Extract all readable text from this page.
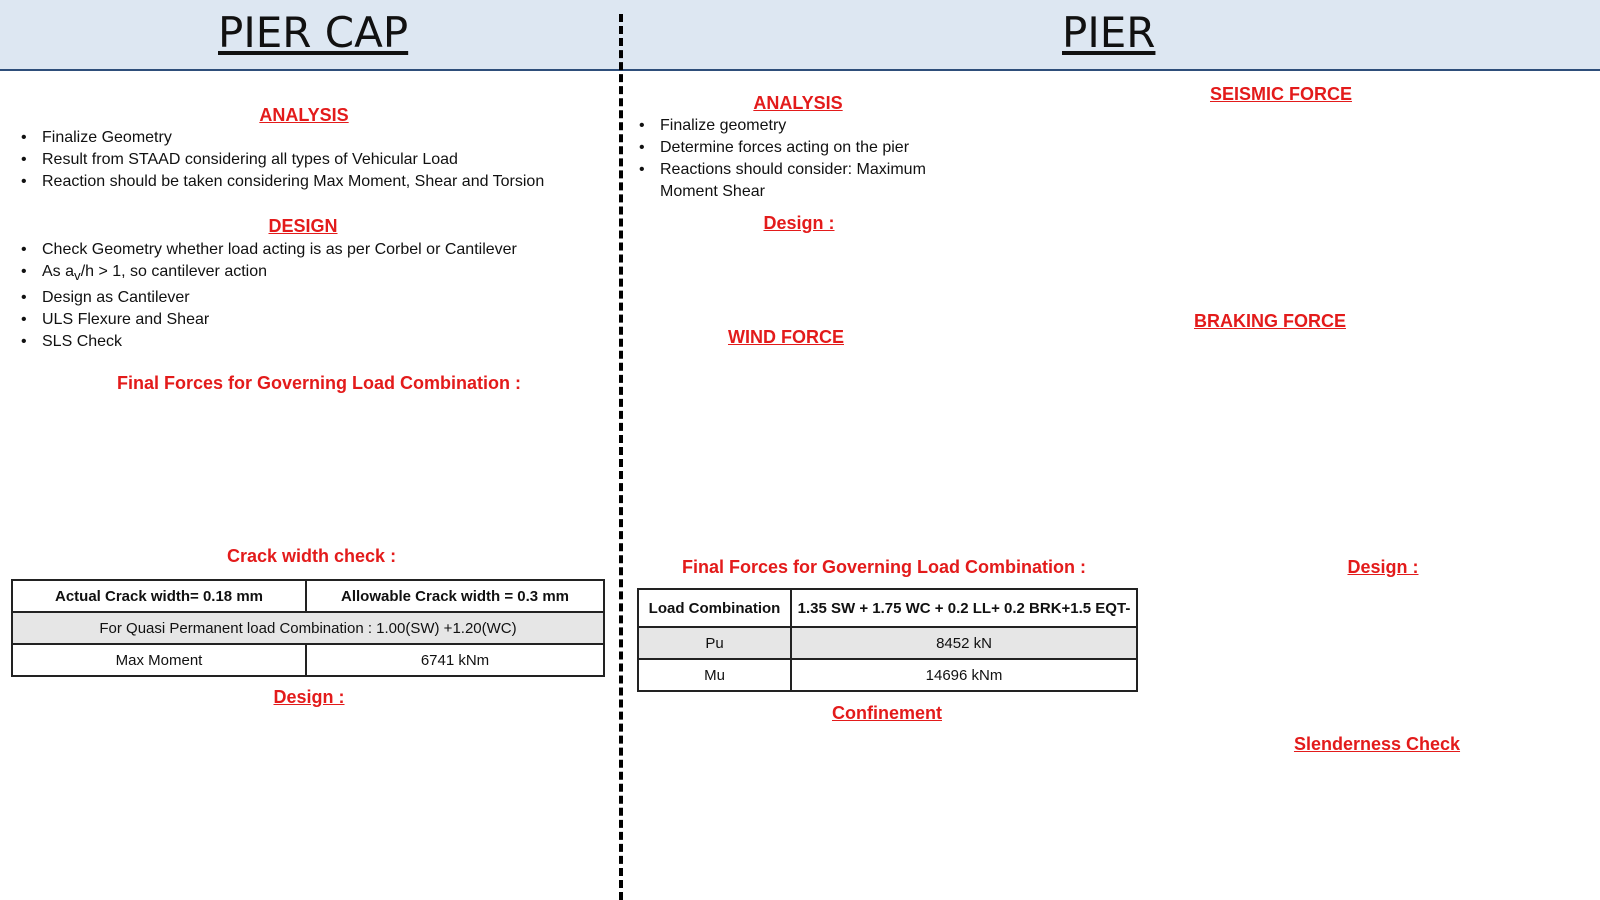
PIER CAP	PIER
ANALYSIS
• Finalize Geometry
• Result from STAAD considering all types of Vehicular Load
• Reaction should be taken considering Max Moment, Shear and Torsion
DESIGN
• Check Geometry whether load acting is as per Corbel or Cantilever
• As $a_v/h > 1$, so cantilever action
• Design as Cantilever
• ULS Flexure and Shear
• SLS Check
Final Forces for Governing Load Combination :
Crack width check :
Actual Crack width= 0.18 mm	Allowable Crack width = 0.3 mm
For Quasi Permanent load Combination : 1.00(SW) +1.20(WC)	
Max Moment	6741 kNm
Design :
ANALYSIS
• Finalize geometry
• Determine forces acting on the pier
• Reactions should consider: Maximum Moment Shear
Design :
WIND FORCE
SEISMIC FORCE
BRAKING FORCE
Final Forces for Governing Load Combination :
Load Combination	1.35 SW + 1.75 WC + 0.2 LL+ 0.2 BRK+1.5 EQT-
Pu	8452 kN
Mu	14696 kNm
Confinement
Design :
Slenderness Check
